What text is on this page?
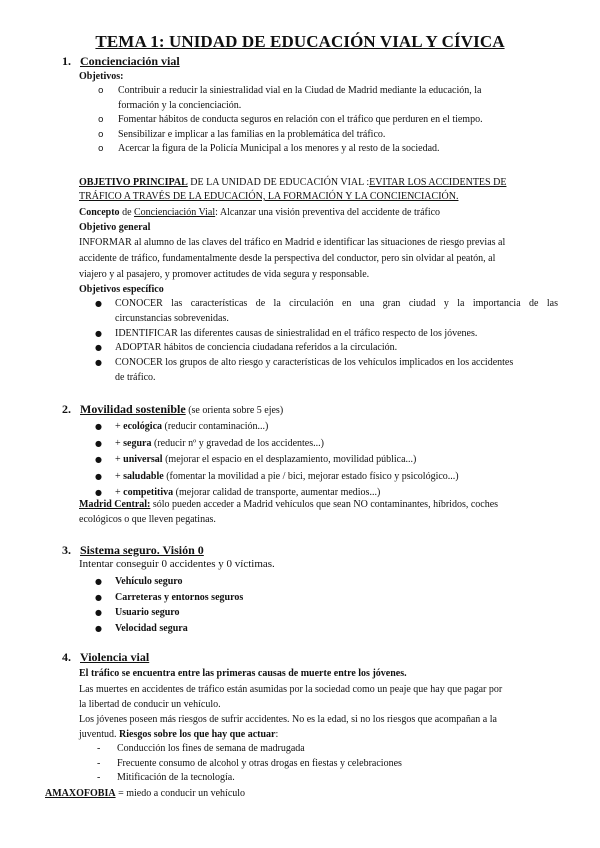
TEMA 1: UNIDAD DE EDUCACIÓN VIAL Y CÍVICA
1. Concienciación vial
Objetivos:
o Contribuir a reducir la siniestralidad vial en la Ciudad de Madrid mediante la educación, la
formación y la concienciación.
o Fomentar hábitos de conducta seguros en relación con el tráfico que perduren en el tiempo.
o Sensibilizar e implicar a las familias en la problemática del tráfico.
o Acercar la figura de la Policía Municipal a los menores y al resto de la sociedad.
OBJETIVO PRINCIPAL DE LA UNIDAD DE EDUCACIÓN VIAL :EVITAR LOS ACCIDENTES DE
TRÁFICO A TRAVÉS DE LA EDUCACIÓN, LA FORMACIÓN Y LA CONCIENCIACIÓN.
Concepto de Concienciación Vial: Alcanzar una visión preventiva del accidente de tráfico
Objetivo general
INFORMAR al alumno de las claves del tráfico en Madrid e identificar las situaciones de riesgo previas al
accidente de tráfico, fundamentalmente desde la perspectiva del conductor, pero sin olvidar al peatón, al
viajero y al pasajero, y promover actitudes de vida segura y responsable.
Objetivos específico
● CONOCER las características de la circulación en una gran ciudad y la importancia de las
circunstancias sobrevenidas.
● IDENTIFICAR las diferentes causas de siniestralidad en el tráfico respecto de los jóvenes.
● ADOPTAR hábitos de conciencia ciudadana referidos a la circulación.
● CONOCER los grupos de alto riesgo y características de los vehículos implicados en los accidentes
de tráfico.
2. Movilidad sostenible (se orienta sobre 5 ejes)
● + ecológica (reducir contaminación...)
● + segura (reducir nº y gravedad de los accidentes...)
● + universal (mejorar el espacio en el desplazamiento, movilidad pública...)
● + saludable (fomentar la movilidad a pie / bici, mejorar estado físico y psicológico...)
● + competitiva (mejorar calidad de transporte, aumentar medios...)
Madrid Central: sólo pueden acceder a Madrid vehículos que sean NO contaminantes, híbridos, coches
ecológicos o que lleven pegatinas.
3. Sistema seguro. Visión 0
Intentar conseguir 0 accidentes y 0 víctimas.
● Vehículo seguro
● Carreteras y entornos seguros
● Usuario seguro
● Velocidad segura
4. Violencia vial
El tráfico se encuentra entre las primeras causas de muerte entre los jóvenes.
Las muertes en accidentes de tráfico están asumidas por la sociedad como un peaje que hay que pagar por
la libertad de conducir un vehículo.
Los jóvenes poseen más riesgos de sufrir accidentes. No es la edad, si no los riesgos que acompañan a la
juventud. Riesgos sobre los que hay que actuar:
- Conducción los fines de semana de madrugada
- Frecuente consumo de alcohol y otras drogas en fiestas y celebraciones
- Mitificación de la tecnología.
AMAXOFOBIA = miedo a conducir un vehículo
